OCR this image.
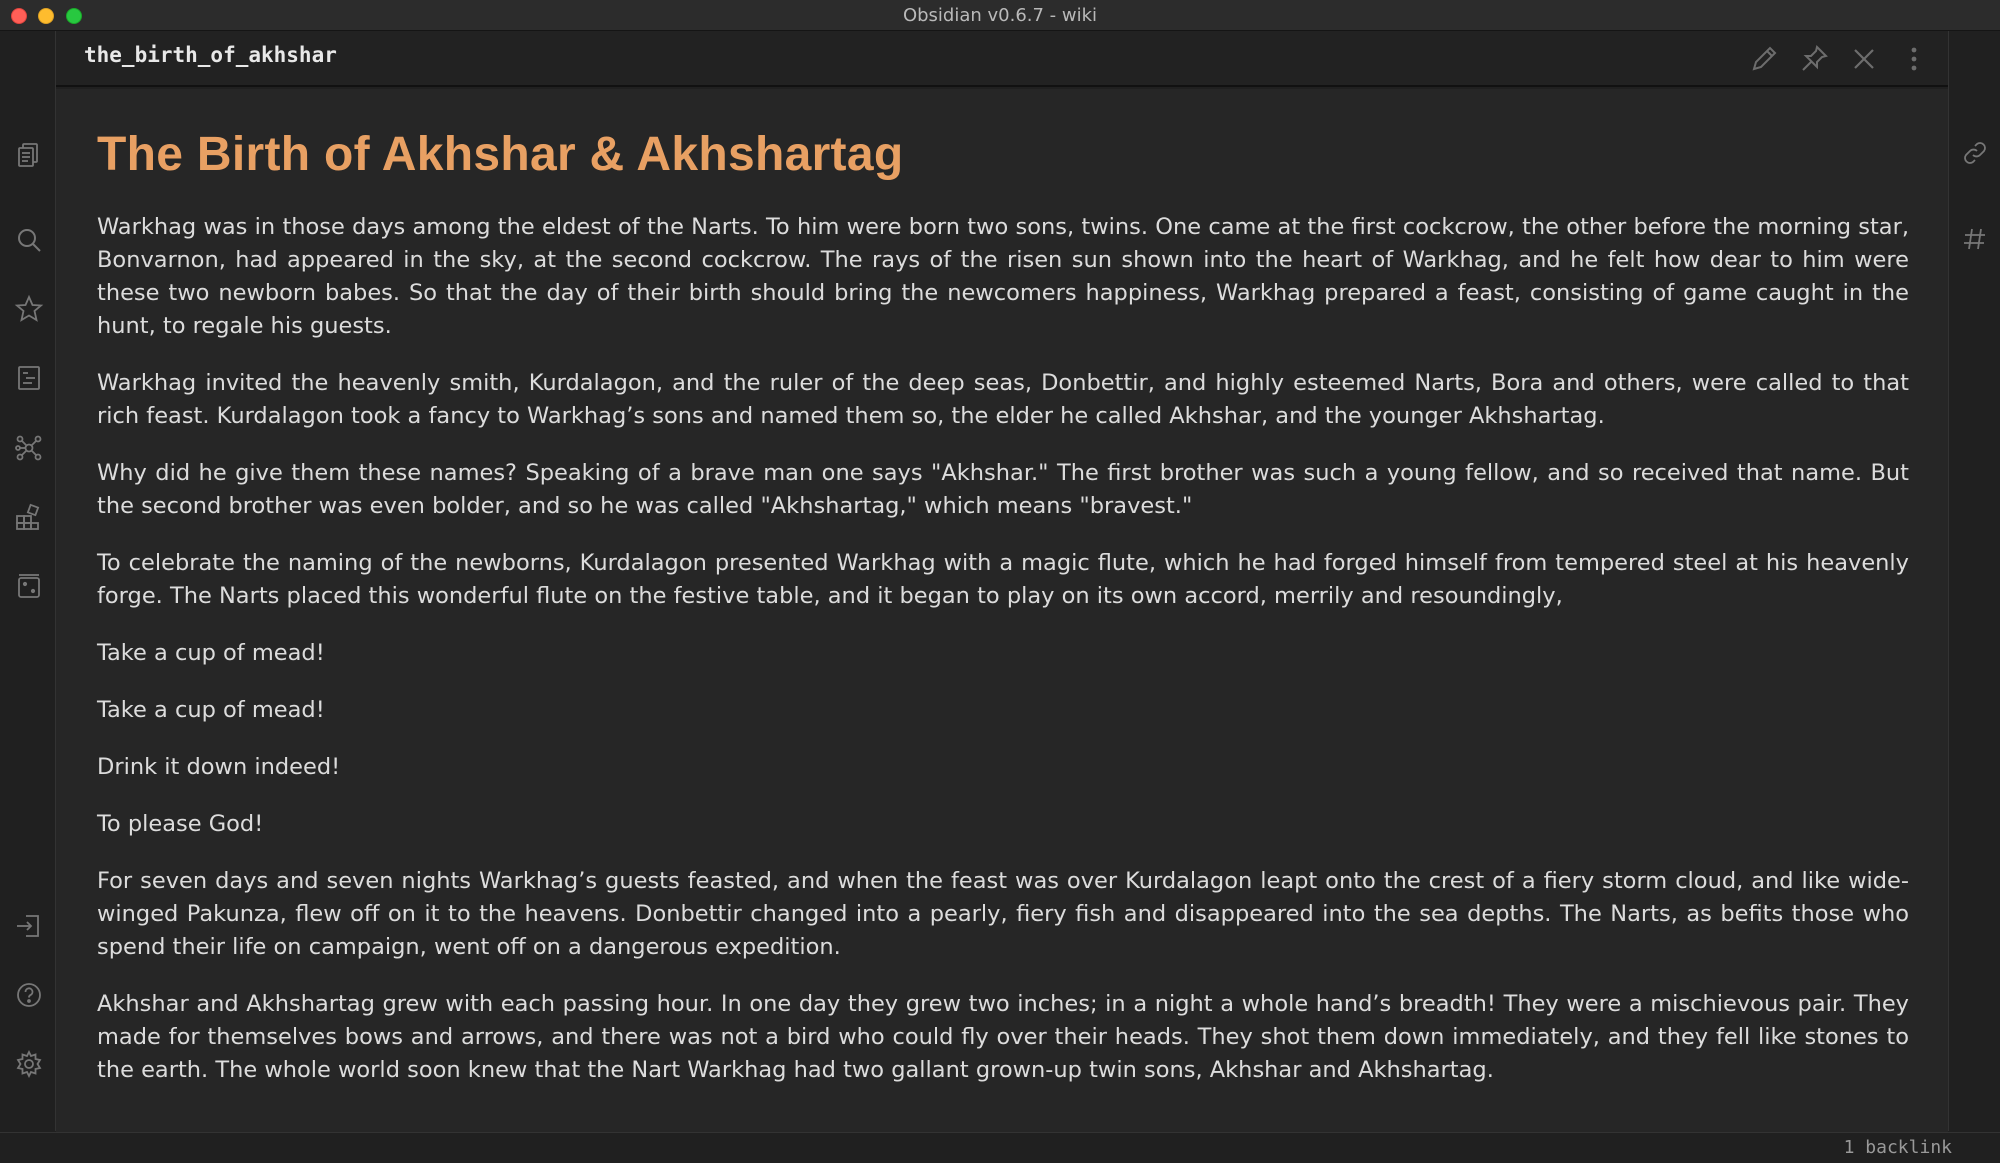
Obsidian v0.6.7 - wiki
the_birth_of_akhshar
The Birth of Akhshar & Akhshartag

Warkhag was in those days among the eldest of the Narts. To him were born two sons, twins. One came at the first cockcrow, the other before the morning star, Bonvarnon, had appeared in the sky, at the second cockcrow. The rays of the risen sun shown into the heart of Warkhag, and he felt how dear to him were these two newborn babes. So that the day of their birth should bring the newcomers happiness, Warkhag prepared a feast, consisting of game caught in the hunt, to regale his guests.

Warkhag invited the heavenly smith, Kurdalagon, and the ruler of the deep seas, Donbettir, and highly esteemed Narts, Bora and others, were called to that rich feast. Kurdalagon took a fancy to Warkhag’s sons and named them so, the elder he called Akhshar, and the younger Akhshartag.

Why did he give them these names? Speaking of a brave man one says "Akhshar." The first brother was such a young fellow, and so received that name. But the second brother was even bolder, and so he was called "Akhshartag," which means "bravest."

To celebrate the naming of the newborns, Kurdalagon presented Warkhag with a magic flute, which he had forged himself from tempered steel at his heavenly forge. The Narts placed this wonderful flute on the festive table, and it began to play on its own accord, merrily and resoundingly,

Take a cup of mead!

Take a cup of mead!

Drink it down indeed!

To please God!

For seven days and seven nights Warkhag’s guests feasted, and when the feast was over Kurdalagon leapt onto the crest of a fiery storm cloud, and like wide-winged Pakunza, flew off on it to the heavens. Donbettir changed into a pearly, fiery fish and disappeared into the sea depths. The Narts, as befits those who spend their life on campaign, went off on a dangerous expedition.

Akhshar and Akhshartag grew with each passing hour. In one day they grew two inches; in a night a whole hand’s breadth! They were a mischievous pair. They made for themselves bows and arrows, and there was not a bird who could fly over their heads. They shot them down immediately, and they fell like stones to the earth. The whole world soon knew that the Nart Warkhag had two gallant grown-up twin sons, Akhshar and Akhshartag.

1 backlink
